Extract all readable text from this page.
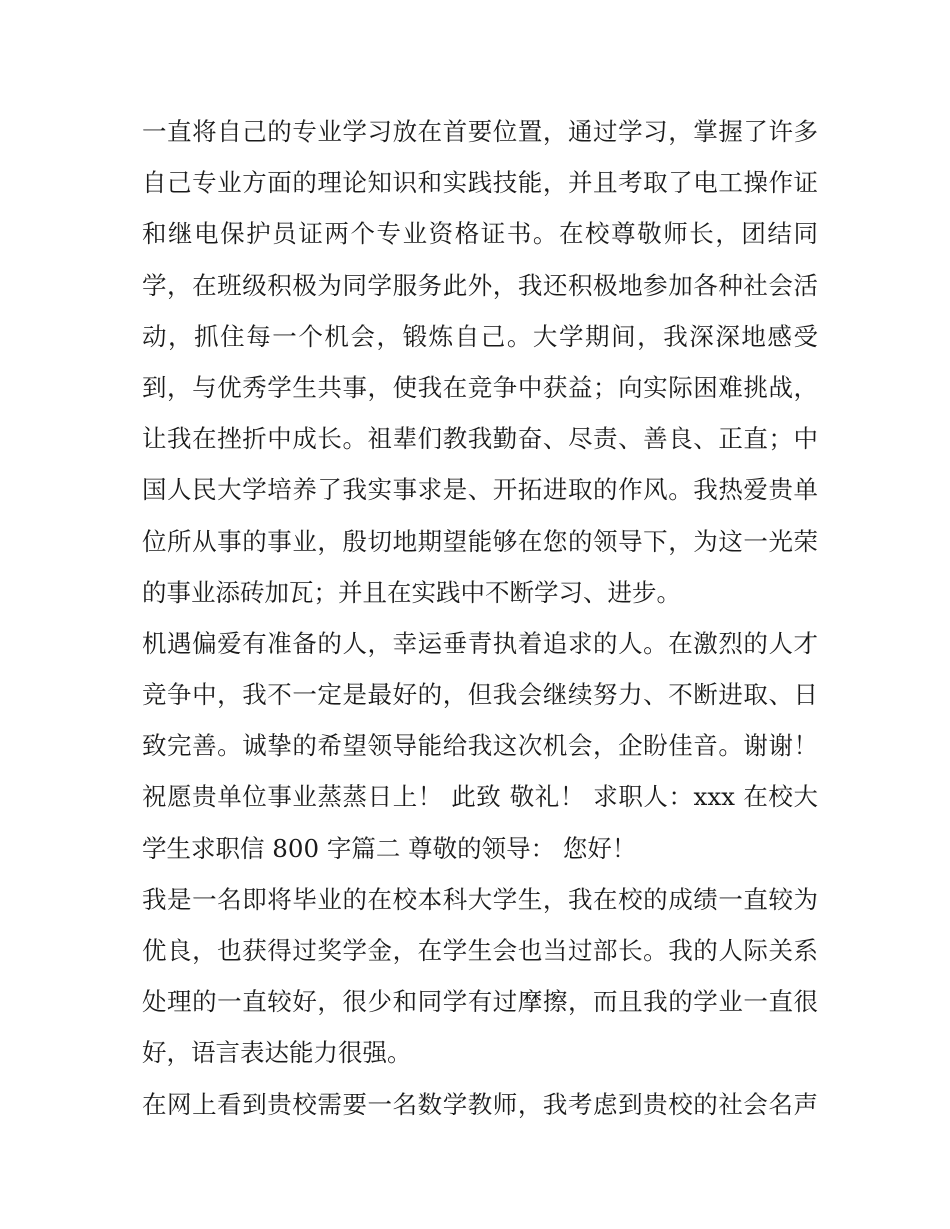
一直将自己的专业学习放在首要位置，通过学习，掌握了许多
自己专业方面的理论知识和实践技能，并且考取了电工操作证
和继电保护员证两个专业资格证书。在校尊敬师长，团结同
学，在班级积极为同学服务此外，我还积极地参加各种社会活
动，抓住每一个机会，锻炼自己。大学期间，我深深地感受
到，与优秀学生共事，使我在竞争中获益；向实际困难挑战，
让我在挫折中成长。祖辈们教我勤奋、尽责、善良、正直；中
国人民大学培养了我实事求是、开拓进取的作风。我热爱贵单
位所从事的事业，殷切地期望能够在您的领导下，为这一光荣
的事业添砖加瓦；并且在实践中不断学习、进步。
机遇偏爱有准备的人，幸运垂青执着追求的人。在激烈的人才
竞争中，我不一定是最好的，但我会继续努力、不断进取、日
致完善。诚挚的希望领导能给我这次机会，企盼佳音。谢谢！
祝愿贵单位事业蒸蒸日上！ 此致 敬礼！ 求职人：xxx 在校大
学生求职信 800 字篇二 尊敬的领导： 您好！
我是一名即将毕业的在校本科大学生，我在校的成绩一直较为
优良，也获得过奖学金，在学生会也当过部长。我的人际关系
处理的一直较好，很少和同学有过摩擦，而且我的学业一直很
好，语言表达能力很强。
在网上看到贵校需要一名数学教师，我考虑到贵校的社会名声
